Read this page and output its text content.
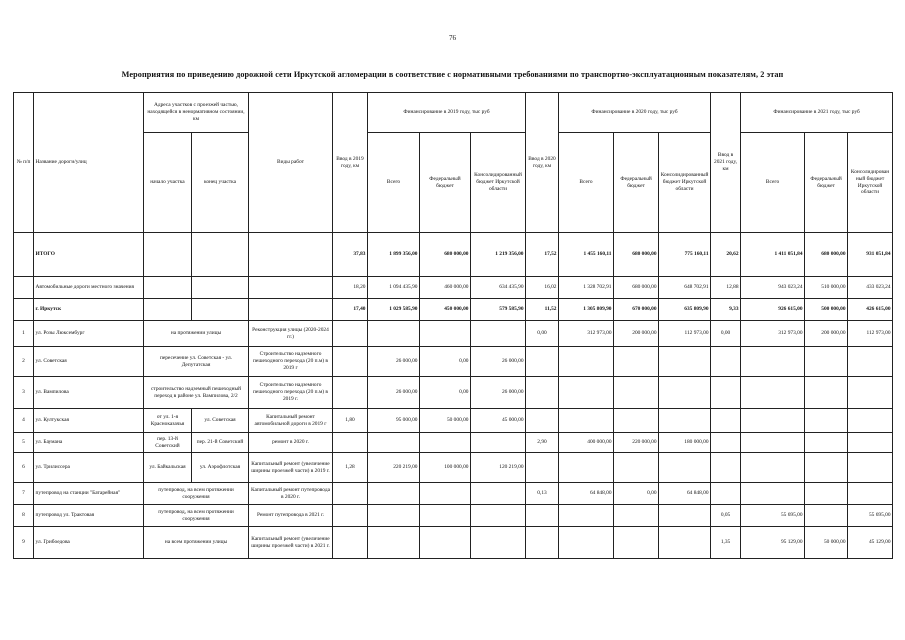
76
Мероприятия по приведению дорожной сети Иркутской агломерации в соответствие с нормативными требованиями по транспортно-эксплуатационным показателям, 2 этап
№ п/п	Название дороги/улиц	Адреса участков с проезжей частью, находящейся в ненормативном состоянии, км		Виды работ	Ввод в 2019 году, км	Финансирование в 2019 году, тыс руб			Ввод в 2020 году, км	Финансирование в 2020 году, тыс руб			Ввод в 2021 году, км	Финансирование в 2021 году, тыс руб		
		начало участка	конец участка			Всего	Федеральный бюджет	Консолидированный бюджет Иркутской области		Всего	Федеральный бюджет	Консолидированный бюджет Иркутской области		Всего	Федеральный бюджет	Консолидированный бюджет Иркутской области
	ИТОГО				37,83	1 899 356,00	680 000,00	1 219 356,00	17,52	1 455 160,11	680 000,00	775 160,11	20,62	1 411 051,84	680 000,00	931 051,84
	Автомобильные дороги местного значения				18,20	1 094 435,90	460 000,00	634 435,90	16,02	1 328 702,91	680 000,00	648 702,91	12,88	943 023,24	510 000,00	433 023,24
	г. Иркутск				17,40	1 029 585,90	450 000,00	579 585,90	11,52	1 305 809,90	670 000,00	635 809,90	9,33	926 615,00	500 000,00	426 615,00
1	ул. Розы Люксембург	на протяжении улицы		Реконструкция улицы (2020-2024 гг.)					0,00	312 973,00	200 000,00	112 973,00	0,00	312 973,00	200 000,00	112 973,00
2	ул. Советская	пересечение ул. Советская - ул. Депутатская		Строительство надземного пешеходного перехода (20 п.м) в 2019 г		26 000,00	0,00	26 000,00								
3	ул. Вампилова	строительство надземный пешеходный переход в районе ул. Вампилова, 2/2		Строительство надземного пешеходного перехода (20 п.м) в 2019 г.		26 000,00	0,00	26 000,00								
4	ул. Култукская	от ул. 1-я Красноказачья	ул. Советская	Капитальный ремонт автомобильной дороги в 2019 г	1,80	95 000,00	50 000,00	45 000,00								
5	ул. Баумана	пер. 13-й Советский	пер. 21-й Советский	ремонт в 2020 г.					2,90	400 000,00	220 000,00	180 000,00				
6	ул. Трилиссера	ул. Байкальская	ул. Аэрофлотская	Капитальный ремонт (увеличение ширины проезжей части) в 2019 г.	1,28	220 219,00	100 000,00	120 219,00								
7	путепровод на станции "Батарейная"	путепровод, на всем протяжении сооружения		Капитальный ремонт путепровода в 2020 г.					0,13	64 848,00	0,00	64 848,00				
8	путепровод ул. Трактовая	путепровод, на всем протяжении сооружения		Ремонт путепровода в 2021 г.									0,05	55 695,00		55 695,00
9	ул. Грибоедова	на всем протяжении улицы		Капитальный ремонт (увеличение ширины проезжей части) в 2021 г.									1,35	95 129,00	50 000,00	45 129,00
